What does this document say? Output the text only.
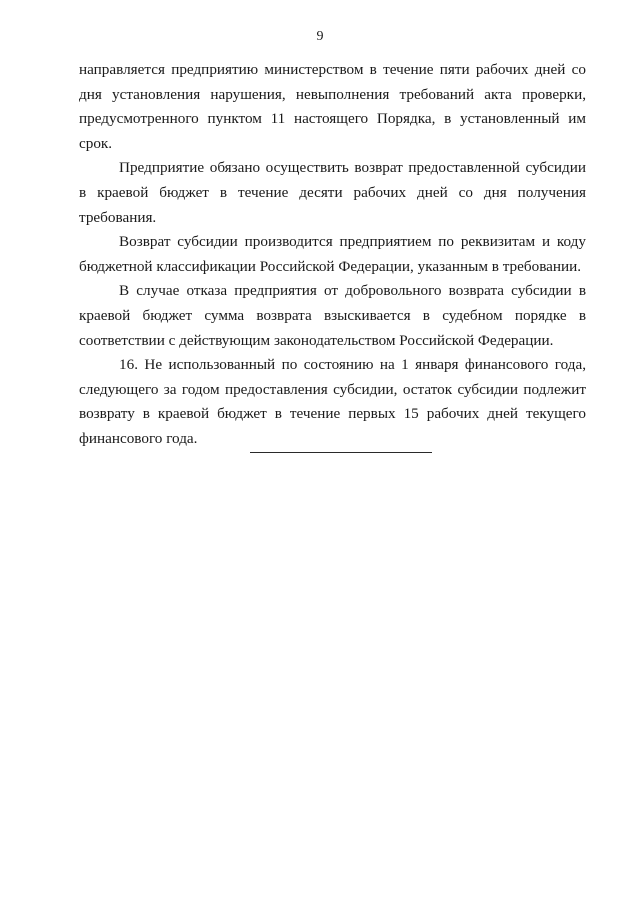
9

направляется предприятию министерством в течение пяти рабочих дней со дня установления нарушения, невыполнения требований акта проверки, предусмотренного пунктом 11 настоящего Порядка, в установленный им срок.

Предприятие обязано осуществить возврат предоставленной субсидии в краевой бюджет в течение десяти рабочих дней со дня получения требования.

Возврат субсидии производится предприятием по реквизитам и коду бюджетной классификации Российской Федерации, указанным в требовании.

В случае отказа предприятия от добровольного возврата субсидии в краевой бюджет сумма возврата взыскивается в судебном порядке в соответствии с действующим законодательством Российской Федерации.

16. Не использованный по состоянию на 1 января финансового года, следующего за годом предоставления субсидии, остаток субсидии подлежит возврату в краевой бюджет в течение первых 15 рабочих дней текущего финансового года.
